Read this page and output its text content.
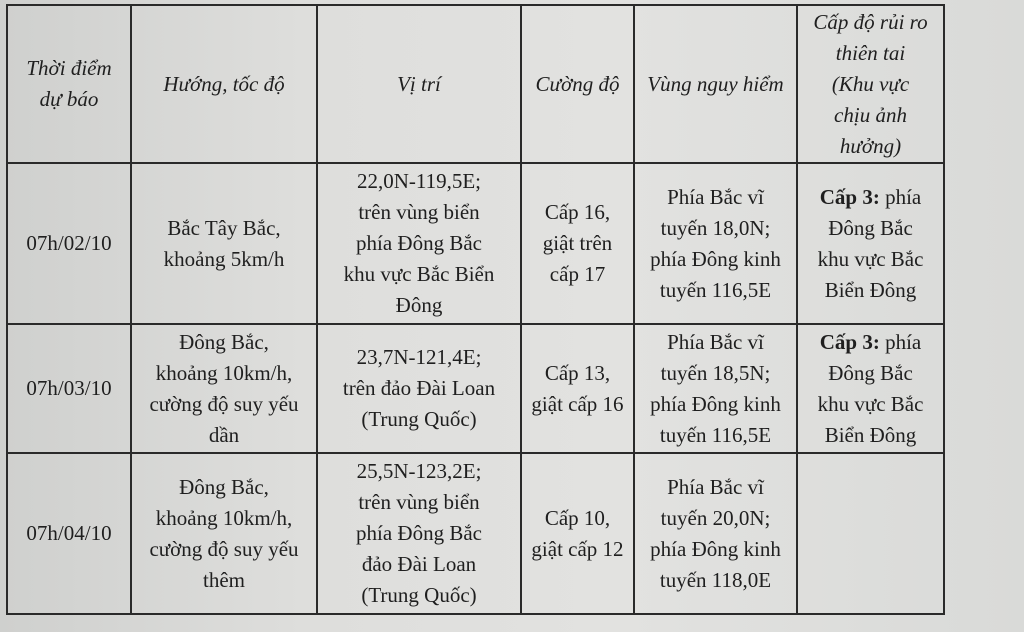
Thời điểm
dự báo	Hướng, tốc độ	Vị trí	Cường độ	Vùng nguy hiểm	Cấp độ rủi ro
thiên tai
(Khu vực
chịu ảnh
hưởng)

07h/02/10	Bắc Tây Bắc,
khoảng 5km/h	22,0N-119,5E;
trên vùng biển
phía Đông Bắc
khu vực Bắc Biển
Đông	Cấp 16,
giật trên
cấp 17	Phía Bắc vĩ
tuyến 18,0N;
phía Đông kinh
tuyến 116,5E	Cấp 3: phía
Đông Bắc
khu vực Bắc
Biển Đông

07h/03/10	Đông Bắc,
khoảng 10km/h,
cường độ suy yếu
dần	23,7N-121,4E;
trên đảo Đài Loan
(Trung Quốc)	Cấp 13,
giật cấp 16	Phía Bắc vĩ
tuyến 18,5N;
phía Đông kinh
tuyến 116,5E	Cấp 3: phía
Đông Bắc
khu vực Bắc
Biển Đông

07h/04/10	Đông Bắc,
khoảng 10km/h,
cường độ suy yếu
thêm	25,5N-123,2E;
trên vùng biển
phía Đông Bắc
đảo Đài Loan
(Trung Quốc)	Cấp 10,
giật cấp 12	Phía Bắc vĩ
tuyến 20,0N;
phía Đông kinh
tuyến 118,0E	
